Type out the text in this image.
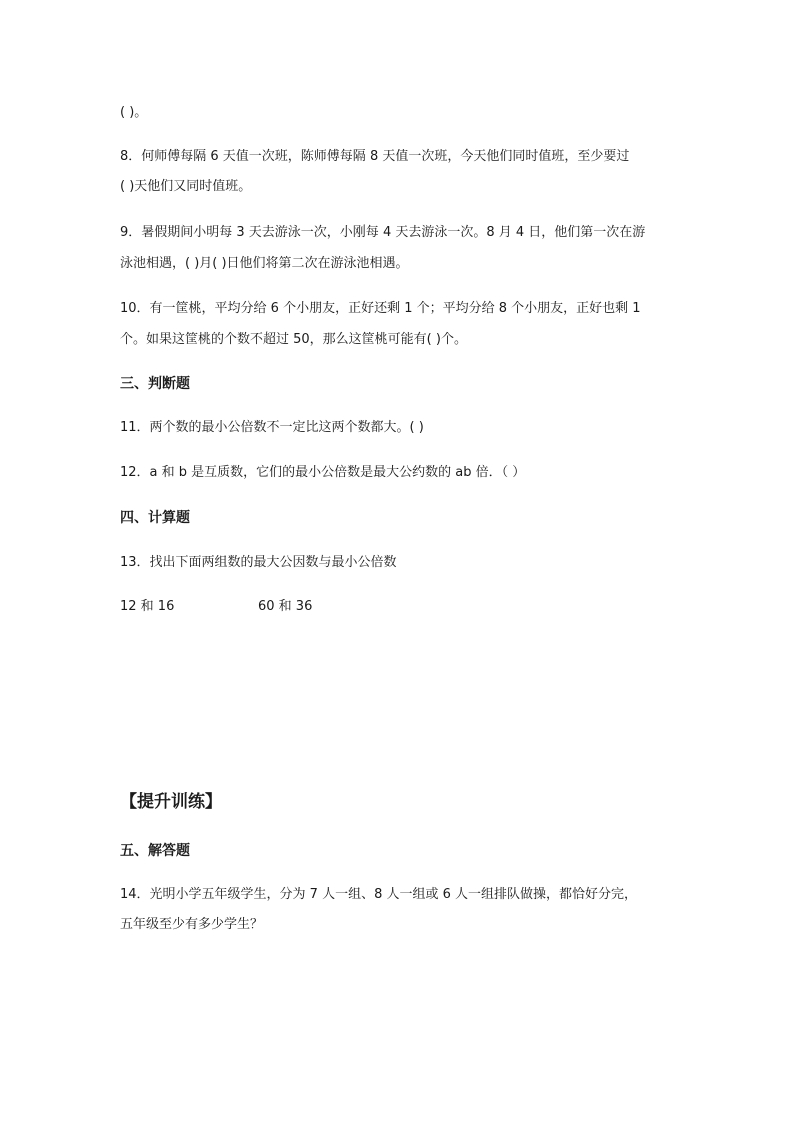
( )。
8．何师傅每隔 6 天值一次班，陈师傅每隔 8 天值一次班，今天他们同时值班，至少要过
( )天他们又同时值班。
9．暑假期间小明每 3 天去游泳一次，小刚每 4 天去游泳一次。8 月 4 日，他们第一次在游
泳池相遇，( )月( )日他们将第二次在游泳池相遇。
10．有一筐桃，平均分给 6 个小朋友，正好还剩 1 个；平均分给 8 个小朋友，正好也剩 1
个。如果这筐桃的个数不超过 50，那么这筐桃可能有( )个。
三、判断题
11．两个数的最小公倍数不一定比这两个数都大。( )
12．a 和 b 是互质数，它们的最小公倍数是最大公约数的 ab 倍．（ ）
四、计算题
13．找出下面两组数的最大公因数与最小公倍数
12 和 16	60 和 36
【提升训练】
五、解答题
14．光明小学五年级学生，分为 7 人一组、8 人一组或 6 人一组排队做操，都恰好分完，
五年级至少有多少学生？
